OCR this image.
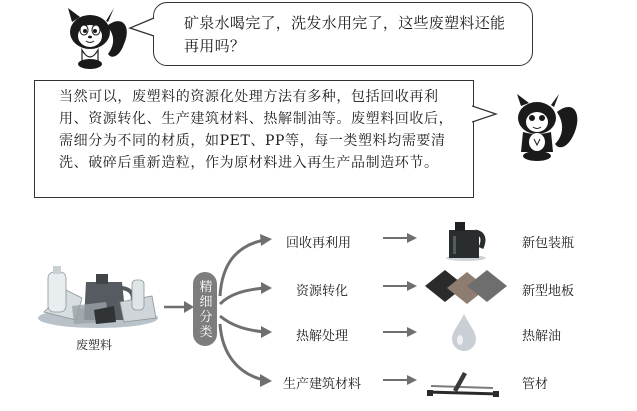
矿泉水喝完了，洗发水用完了，这些废塑料还能再用吗？
当然可以，废塑料的资源化处理方法有多种，包括回收再利用、资源转化、生产建筑材料、热解制油等。废塑料回收后，需细分为不同的材质，如PET、PP等，每一类塑料均需要清洗、破碎后重新造粒，作为原材料进入再生产品制造环节。
废塑料
精细分类
回收再利用
资源转化
热解处理
生产建筑材料
新包装瓶
新型地板
热解油
管材
